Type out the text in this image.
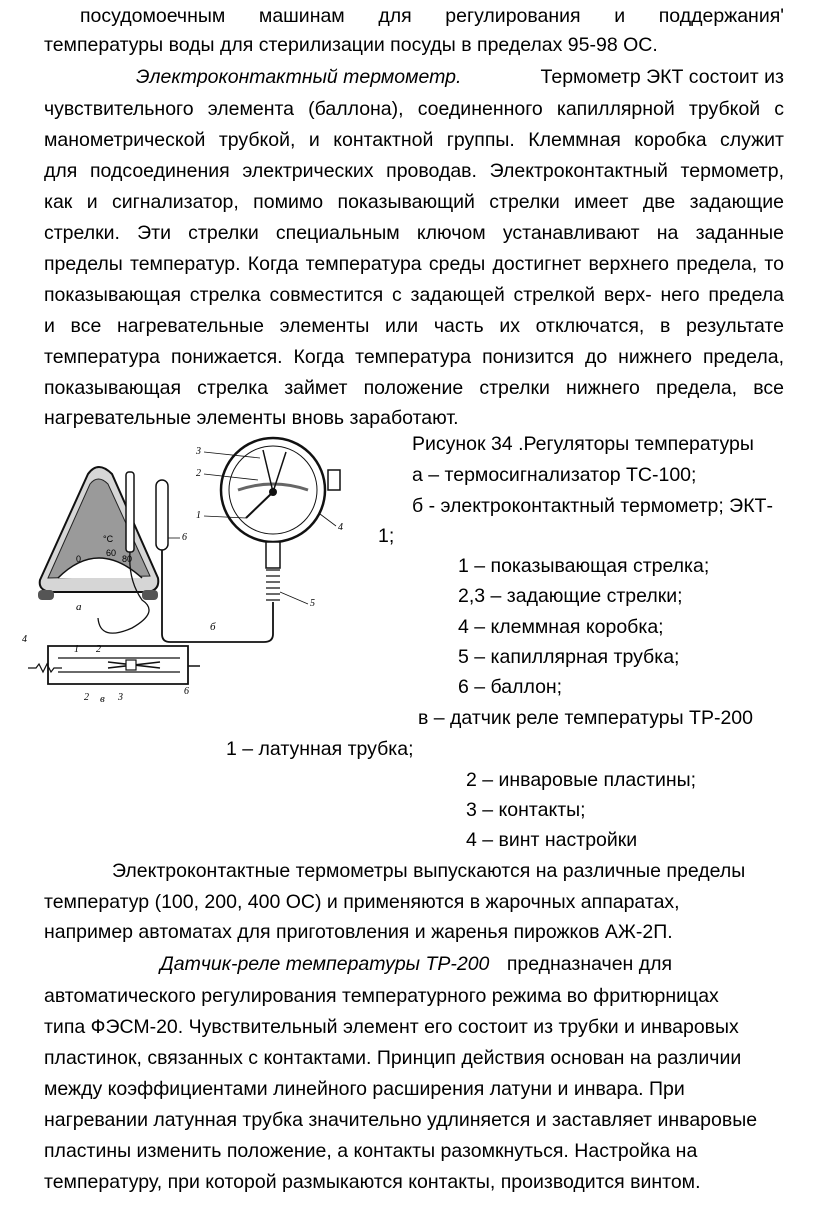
посудомоечным машинам для регулирования и поддержания'
температуры воды для стерилизации посуды в пределах 95-98 ОС.
Электроконтактный термометр.	Термометр ЭКТ состоит из
чувствительного элемента (баллона), соединенного капиллярной трубкой с
манометрической трубкой, и контактной группы. Клеммная коробка служит
для подсоединения электрических проводав. Электроконтактный термометр,
как и сигнализатор, помимо показывающий стрелки имеет две задающие
стрелки. Эти стрелки специальным ключом устанавливают на заданные
пределы температур. Когда температура среды достигнет верхнего предела, то
показывающая стрелка совместится с задающей стрелкой верх- него предела
и все нагревательные элементы или часть их отключатся, в результате
температура понижается. Когда температура понизится до нижнего предела,
показывающая стрелка займет положение стрелки нижнего предела, все
нагревательные элементы вновь заработают.
0
60
80
°C
а
3
2
1
4
6
5
б
4
1 2
2	3
в
6
Рисунок 34 .Регуляторы температуры
а – термосигнализатор ТС-100;
б - электроконтактный термометр; ЭКТ-
1;
1 – показывающая стрелка;
2,3 – задающие стрелки;
4 – клеммная коробка;
5 – капиллярная трубка;
6 – баллон;
в – датчик реле температуры ТР-200
1 – латунная трубка;
2 – инваровые пластины;
3 – контакты;
4 – винт настройки
Электроконтактные термометры выпускаются на различные пределы
температур (100, 200, 400 ОС) и применяются в жарочных аппаратах,
например автоматах для приготовления и жаренья пирожков АЖ-2П.
Датчик-реле температуры ТР-200 предназначен для
автоматического регулирования температурного режима во фритюрницах
типа ФЭСМ-20. Чувствительный элемент его состоит из трубки и инваровых
пластинок, связанных с контактами. Принцип действия основан на различии
между коэффициентами линейного расширения латуни и инвара. При
нагревании латунная трубка значительно удлиняется и заставляет инваровые
пластины изменить положение, а контакты разомкнуться. Настройка на
температуру, при которой размыкаются контакты, производится винтом.
